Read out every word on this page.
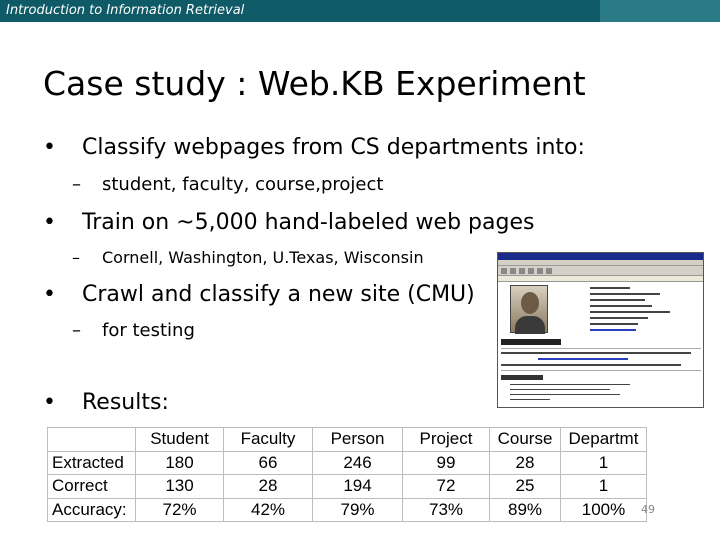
Introduction to Information Retrieval
Case study : Web.KB Experiment
• Classify webpages from CS departments into:
– student, faculty, course,project
• Train on ~5,000 hand-labeled web pages
– Cornell, Washington, U.Texas, Wisconsin
• Crawl and classify a new site (CMU)
– for testing
• Results:
	Student	Faculty	Person	Project	Course	Departmt
Extracted	180	66	246	99	28	1
Correct	130	28	194	72	25	1
Accuracy:	72%	42%	79%	73%	89%	100% 49
